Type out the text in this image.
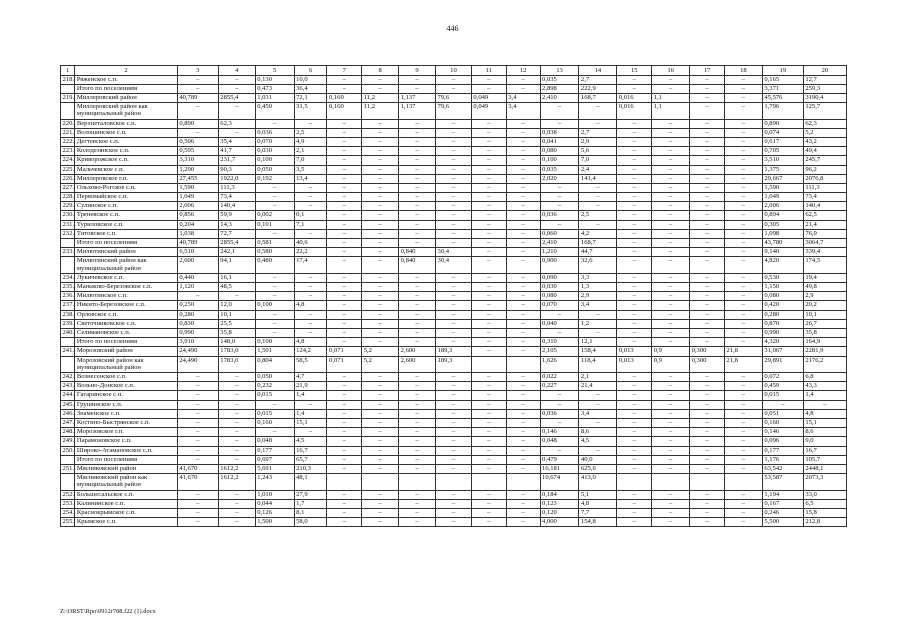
446
1	2	3	4	5	6	7	8	9	10	11	12	13	14	15	16	17	18	19	20
218.	Ряженское с.п.	–	–	0,130	10,0	–	–	–	–	–	–	0,035	2,7	–	–	–	–	0,165	12,7

	Итого по поселениям	–	–	0,473	36,4	–	–	–	–	–	–	2,898	222,9	–	–	–	–	3,371	259,3
219.	Миллеровский район	40,789	2855,4	1,031	72,1	0,160	11,2	1,137	79,6	0,049	3,4	2,410	168,7	0,016	1,1	–	–	45,576	3190,4

	Миллеровский район как муниципальный район	–	–	0,450	31,5	0,160	11,2	1,137	79,6	0,049	3,4	–	–	0,016	1,1	–	–	1,796	125,7
220.	Верхнеталовское с.п.	0,890	62,3	–	–	–	–	–	–	–	–	–	–	–	–	–	–	0,890	62,3
221.	Волошинское с.п.	–	–	0,036	2,5	–	–	–	–	–	–	0,038	2,7	–	–	–	–	0,074	5,2
222.	Дегтевское с.п.	0,506	35,4	0,070	4,9	–	–	–	–	–	–	0,041	2,9	–	–	–	–	0,617	43,2
223.	Колодезянское с.п.	0,595	41,7	0,030	2,1	–	–	–	–	–	–	0,080	5,6	–	–	–	–	0,705	49,4
224.	Криворожское с.п.	3,310	231,7	0,100	7,0	–	–	–	–	–	–	0,100	7,0	–	–	–	–	3,510	245,7
225.	Мальчевское с.п.	1,290	90,3	0,050	3,5	–	–	–	–	–	–	0,035	2,4	–	–	–	–	1,375	96,2
226.	Миллеровское г.п.	27,455	1922,0	0,192	13,4	–	–	–	–	–	–	2,020	141,4	–	–	–	–	29,667	2076,8
227.	Ольхово-Рогское с.п.	1,590	111,3	–	–	–	–	–	–	–	–	–	–	–	–	–	–	1,590	111,3
228.	Первомайское с.п.	1,049	73,4	–	–	–	–	–	–	–	–	–	–	–	–	–	–	1,049	73,4
229.	Сулинское с.п.	2,006	140,4	–	–	–	–	–	–	–	–	–	–	–	–	–	–	2,006	140,4
230.	Треневское с.п.	0,856	59,9	0,002	0,1	–	–	–	–	–	–	0,036	2,5	–	–	–	–	0,894	62,5
231.	Туриловское с.п.	0,204	14,3	0,101	7,1	–	–	–	–	–	–	–	–	–	–	–	–	0,305	21,4
232.	Титовское с.п.	1,038	72,7	–	–	–	–	–	–	–	–	0,060	4,2	–	–	–	–	1,098	76,9

	Итого по поселениям	40,789	2855,4	0,581	40,6	–	–	–	–	–	–	2,410	168,7	–	–	–	–	43,780	3064,7
233.	Милютинский район	6,510	242,1	0,580	22,2	–	–	0,840	30,4	–	–	1,210	44,7	–	–	–	–	9,140	339,4

	Милютинский район как муниципальный район	2,600	94,1	0,480	17,4	–	–	0,840	30,4	–	–	0,900	32,6	–	–	–	–	4,820	174,5
234.	Лукичевское с.п.	0,440	16,1	–	–	–	–	–	–	–	–	0,090	3,3	–	–	–	–	0,530	19,4
235.	Маньково-Березовское с.п.	1,120	48,5	–	–	–	–	–	–	–	–	0,030	1,3	–	–	–	–	1,150	49,8
236.	Милютинское с.п.	–	–	–	–	–	–	–	–	–	–	0,080	2,9	–	–	–	–	0,080	2,9
237.	Никито-Березовское с.п.	0,250	12,0	0,100	4,8	–	–	–	–	–	–	0,070	3,4	–	–	–	–	0,420	20,2
238.	Орловское с.п.	0,280	10,1	–	–	–	–	–	–	–	–	–	–	–	–	–	–	0,280	10,1
239.	Светочниковское с.п.	0,830	25,5	–	–	–	–	–	–	–	–	0,040	1,2	–	–	–	–	0,870	26,7
240.	Селивановское с.п.	0,990	35,8	–	–	–	–	–	–	–	–	–	–	–	–	–	–	0,990	35,8

	Итого по поселениям	3,910	148,0	0,100	4,8	–	–	–	–	–	–	0,310	12,1	–	–	–	–	4,320	164,9
241.	Морозовский район	24,490	1783,0	1,501	124,2	0,071	5,2	2,600	189,3	–	–	2,105	158,4	0,013	0,9	0,300	21,8	31,067	2281,9

	Морозовский район как муниципальный район	24,490	1783,0	0,804	58,5	0,071	5,2	2,600	189,3			1,626	118,4	0,013	0,9	0,300	21,8	29,891	2176,2
242.	Вознесенское с.п.	–	–	0,050	4,7	–	–	–	–	–	–	0,022	2,1	–	–	–	–	0,072	6,8
243.	Вольно-Донское с.п.	–	–	0,232	21,9	–	–	–	–	–	–	0,227	21,4	–	–	–	–	0,459	43,3
244.	Гагаринское с.п.	–	–	0,015	1,4	–	–	–	–	–	–	–	–	–	–	–	–	0,015	1,4
245.	Грушинское с.п.	–	–	–	–	–	–	–	–	–	–	–	–	–	–	–	–	–	–
246.	Знаменское с.п.	–	–	0,015	1,4	–	–	–	–	–	–	0,036	3,4	–	–	–	–	0,051	4,8
247.	Костино-Быстрянское с.п.	–	–	0,160	15,1	–	–	–	–	–	–	–	–	–	–	–	–	0,160	15,1
248.	Морозовское г.п.	–	–	–	–	–	–	–	–	–	–	0,146	8,6	–	–	–	–	0,146	8,6
249.	Парамоновское с.п.	–	–	0,048	4,5	–	–	–	–	–	–	0,048	4,5	–	–	–	–	0,096	9,0
250.	Широко-Атамановское с.п.	–	–	0,177	16,7	–	–	–	–	–	–	–	–	–	–	–	–	0,177	16,7

	Итого по поселениям	–	–	0,697	65,7	–	–	–	–	–	–	0,479	40,0	–	–	–	–	1,176	105,7
251.	Мясниковский район	41,670	1612,2	5,691	210,3	–	–	–	–	–	–	16,181	625,6	–	–	–	–	63,542	2448,1

	Мясниковский район как муниципальный район	41,670	1612,2	1,243	48,1							10,674	413,0					53,587	2073,3
252.	Большесальское с.п.	–	–	1,010	27,9	–	–	–	–	–	–	0,184	5,1	–	–	–	–	1,194	33,0
253.	Калининское с.п.	–	–	0,044	1,7	–	–	–	–	–	–	0,123	4,8	–	–	–	–	0,167	6,5
254.	Краснокрымское с.п.	–	–	0,126	8,1	–	–	–	–	–	–	0,120	7,7	–	–	–	–	0,246	15,8
255.	Крымское с.п.	–	–	1,500	58,0	–	–	–	–	–	–	4,000	154,8	–	–	–	–	5,500	212,8
Z:\ORST\Rpo\0912r708.f22 (1).docx
